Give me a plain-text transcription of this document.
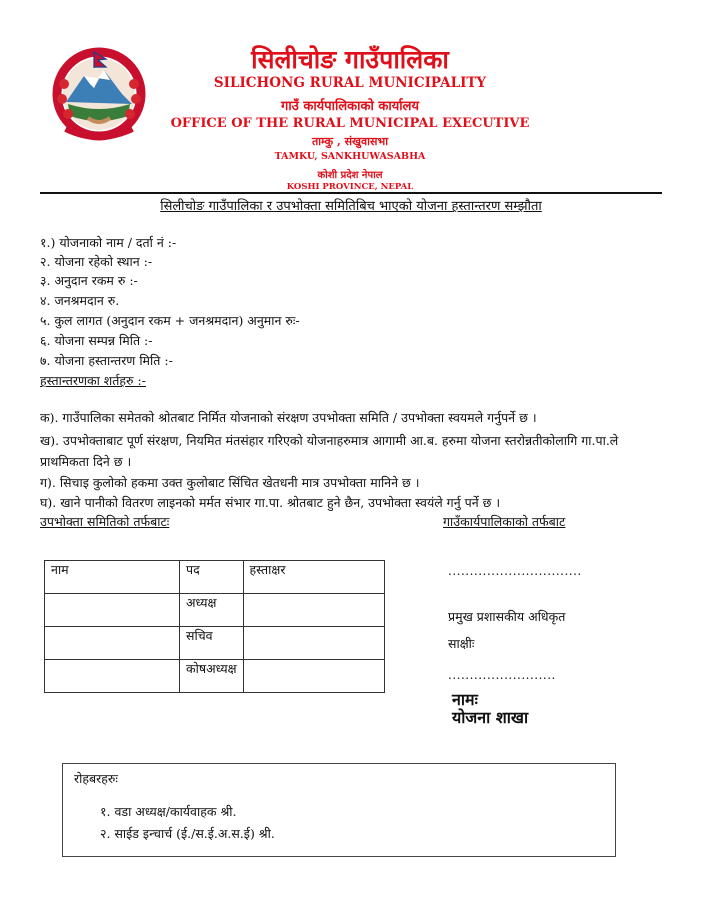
सिलीचोङ गाउँपालिका
SILICHONG RURAL MUNICIPALITY
गाउँ कार्यपालिकाको कार्यालय
OFFICE OF THE RURAL MUNICIPAL EXECUTIVE
ताम्कु , संखुवासभा
TAMKU, SANKHUWASABHA
कोशी प्रदेश नेपाल
KOSHI PROVINCE, NEPAL
सिलीचोङ गाउँपालिका र उपभोक्ता समितिबिच भाएको योजना हस्तान्तरण सम्झौता
१.) योजनाको नाम / दर्ता नं :-
२. योजना रहेको स्थान :-
३. अनुदान रकम रु :-
४. जनश्रमदान रु.
५. कुल लागत (अनुदान रकम + जनश्रमदान) अनुमान रुः-
६. योजना सम्पन्न मिति :-
७. योजना हस्तान्तरण मिति :-
हस्तान्तरणका शर्तहरु :-
क). गाउँपालिका समेतको श्रोतबाट निर्मित योजनाको संरक्षण उपभोक्ता समिति / उपभोक्ता स्वयमले गर्नुपर्ने छ ।
ख). उपभोक्ताबाट पूर्ण संरक्षण, नियमित मंतसंहार गरिएको योजनाहरुमात्र आगामी आ.ब. हरुमा योजना स्तरोन्नतीकोलागि गा.पा.ले
प्राथमिकता दिने छ ।
ग). सिचाइ कुलोको हकमा उक्त कुलोबाट सिंचित खेतधनी मात्र उपभोक्ता मानिने छ ।
घ). खाने पानीको वितरण लाइनको मर्मत संभार गा.पा. श्रोतबाट हुने छैन, उपभोक्ता स्वयंले गर्नु पर्ने छ ।
उपभोक्ता समितिको तर्फबाटः	गाउँकार्यपालिकाको तर्फबाट
नाम	पद	हस्ताक्षर
	अध्यक्ष	
	सचिव	
	कोषअध्यक्ष	
...............................
प्रमुख प्रशासकीय अधिकृत
साक्षीः
.........................
नामः
योजना शाखा
रोहबरहरुः
१. वडा अध्यक्ष/कार्यवाहक श्री.
२. साईड इन्चार्च (ई./स.ई.अ.स.ई) श्री.
